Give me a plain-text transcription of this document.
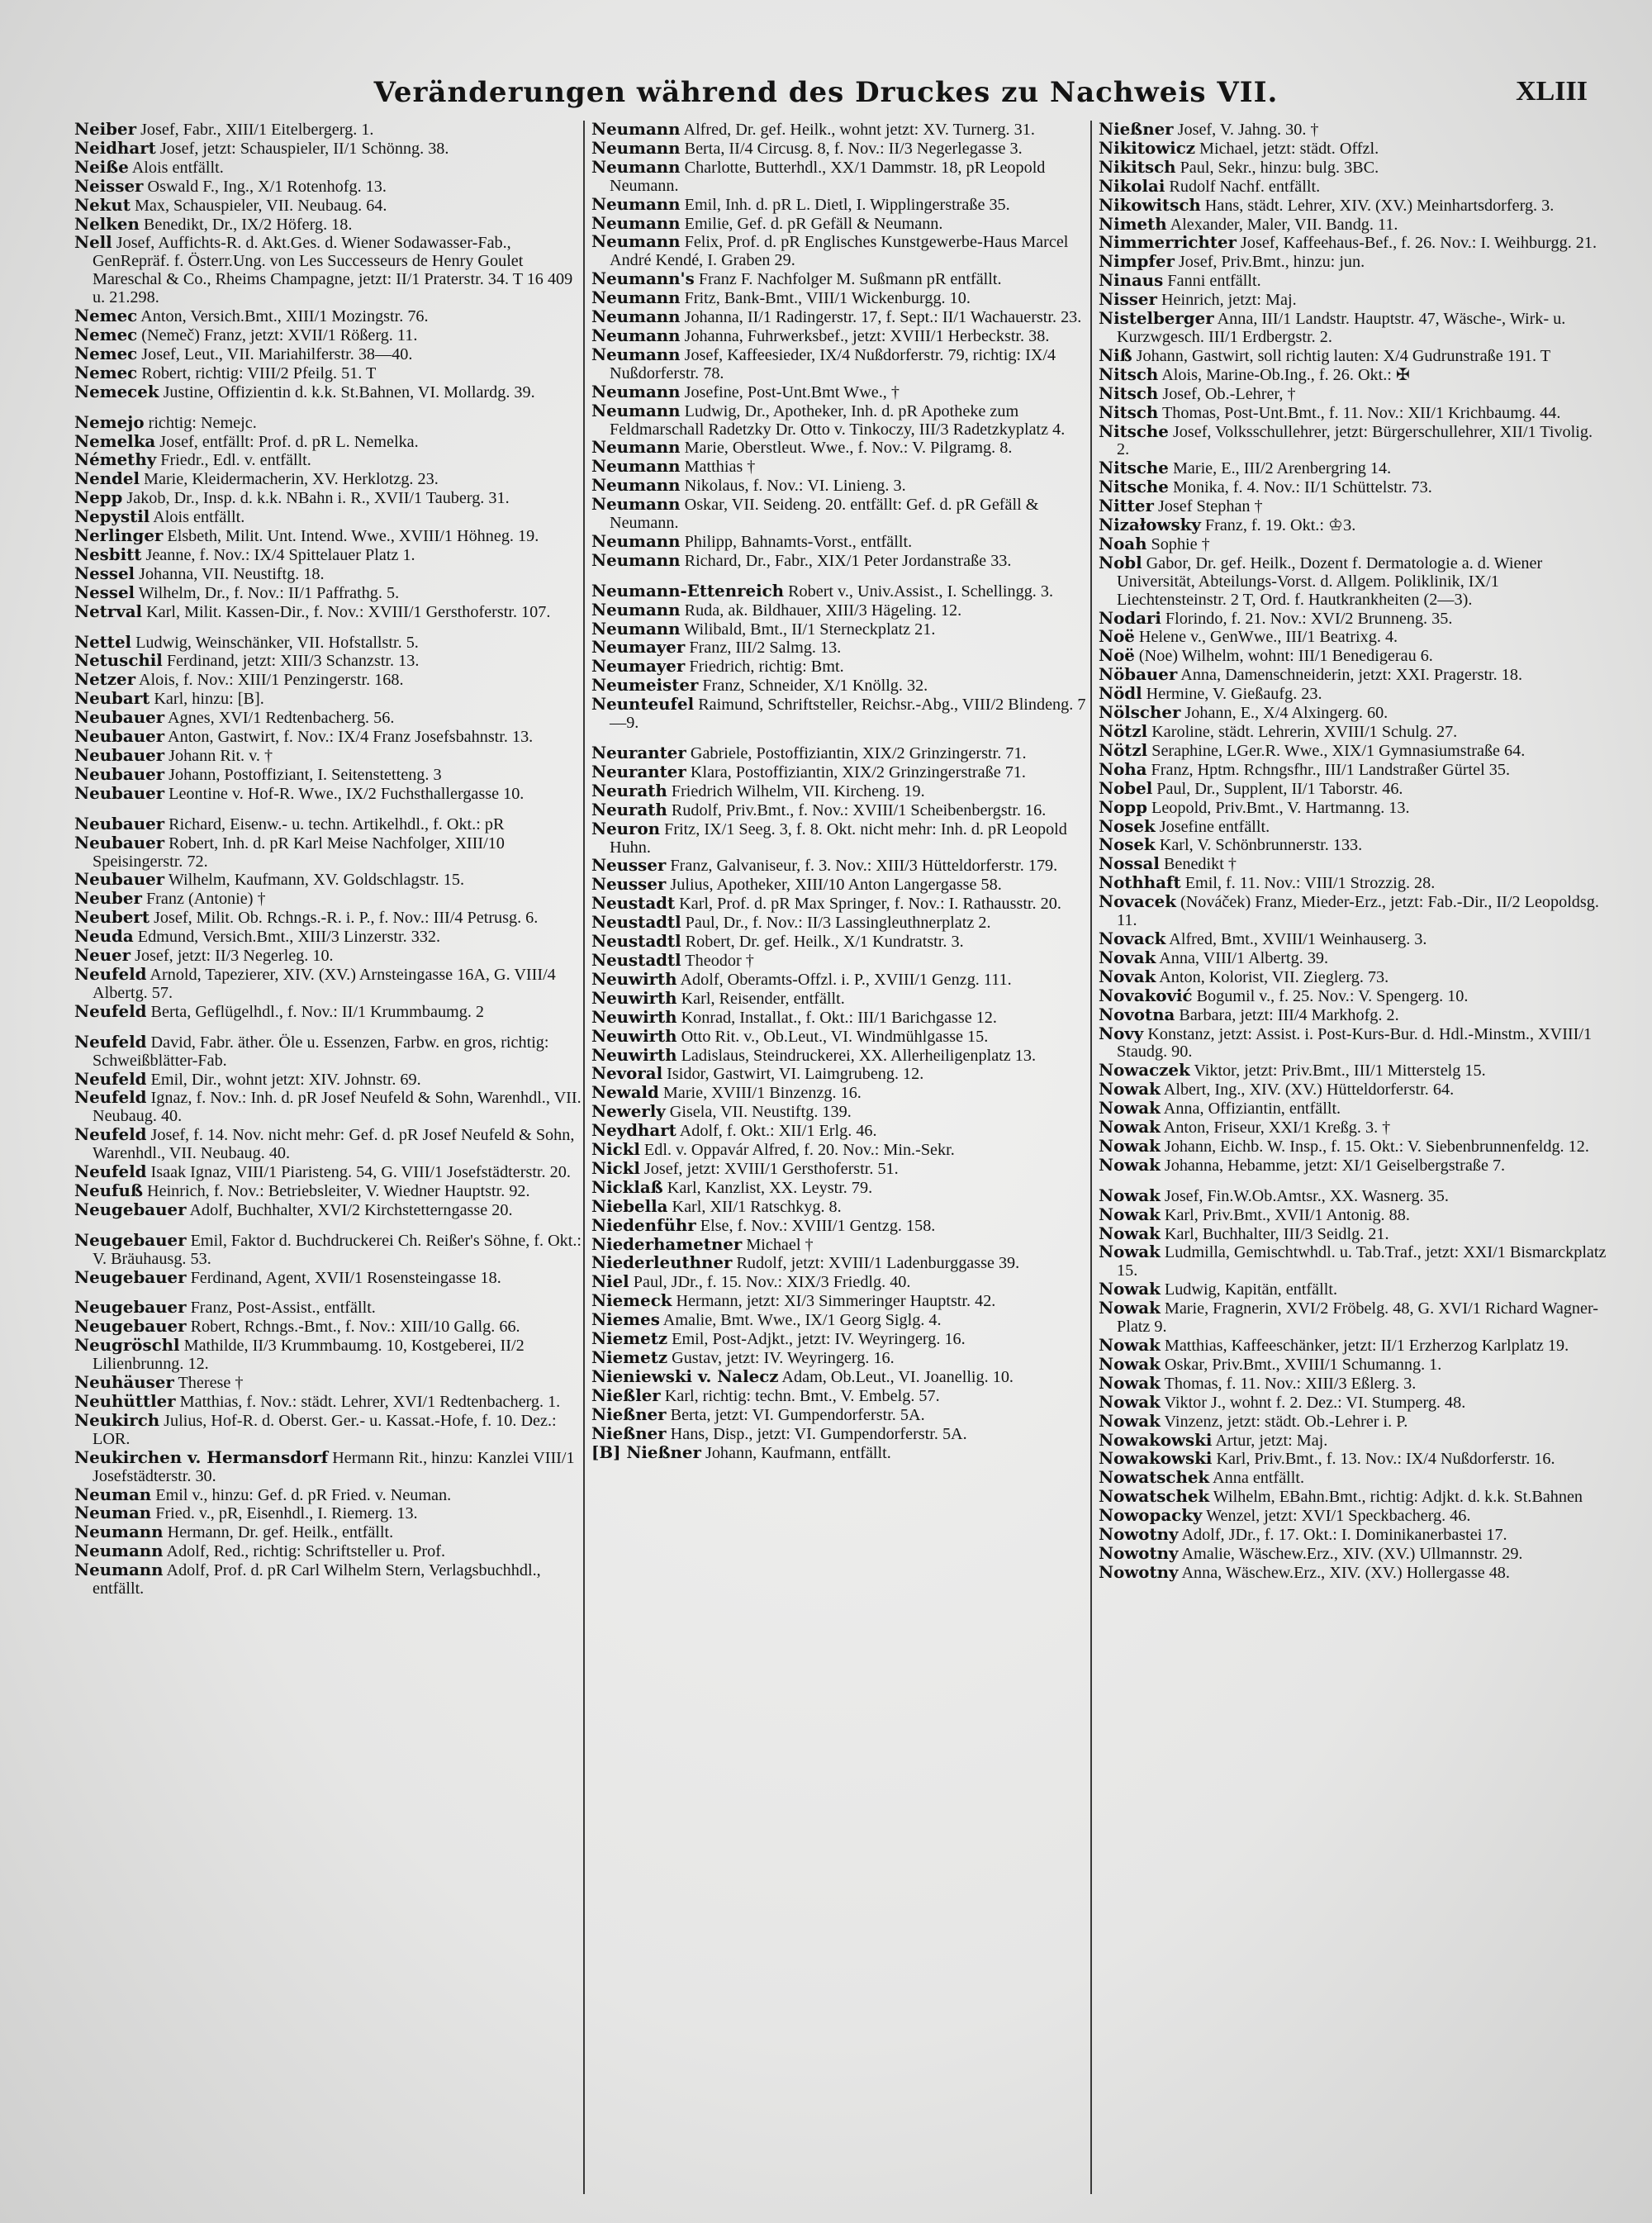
Veränderungen während des Druckes zu Nachweis VII.	XLIII
Neiber Josef, Fabr., XIII/1 Eitelbergerg. 1.
Neidhart Josef, jetzt: Schauspieler, II/1 Schönng. 38.
Neiße Alois entfällt.
Neisser Oswald F., Ing., X/1 Rotenhofg. 13.
Nekut Max, Schauspieler, VII. Neubaug. 64.
Nelken Benedikt, Dr., IX/2 Höferg. 18.
Nell Josef, Auffichts-R. d. Akt.Ges. d. Wiener Sodawasser-Fab., GenRepräf. f. Österr.Ung. von Les Successeurs de Henry Goulet Mareschal & Co., Rheims Champagne, jetzt: II/1 Praterstr. 34. T 16 409 u. 21.298.
Nemec Anton, Versich.Bmt., XIII/1 Mozingstr. 76.
Nemec (Nemeč) Franz, jetzt: XVII/1 Rößerg. 11.
Nemec Josef, Leut., VII. Mariahilferstr. 38—40.
Nemec Robert, richtig: VIII/2 Pfeilg. 51. T
Nemecek Justine, Offizientin d. k.k. St.Bahnen, VI. Mollardg. 39.
Nemejo richtig: Nemejc.
Nemelka Josef, entfällt: Prof. d. pR L. Nemelka.
Némethy Friedr., Edl. v. entfällt.
Nendel Marie, Kleidermacherin, XV. Herklotzg. 23.
Nepp Jakob, Dr., Insp. d. k.k. NBahn i. R., XVII/1 Tauberg. 31.
Nepystil Alois entfällt.
Nerlinger Elsbeth, Milit. Unt. Intend. Wwe., XVIII/1 Höhneg. 19.
Nesbitt Jeanne, f. Nov.: IX/4 Spittelauer Platz 1.
Nessel Johanna, VII. Neustiftg. 18.
Nessel Wilhelm, Dr., f. Nov.: II/1 Paffrathg. 5.
Netrval Karl, Milit. Kassen-Dir., f. Nov.: XVIII/1 Gersthoferstr. 107.
Nettel Ludwig, Weinschänker, VII. Hofstallstr. 5.
Netuschil Ferdinand, jetzt: XIII/3 Schanzstr. 13.
Netzer Alois, f. Nov.: XIII/1 Penzingerstr. 168.
Neubart Karl, hinzu: [B].
Neubauer Agnes, XVI/1 Redtenbacherg. 56.
Neubauer Anton, Gastwirt, f. Nov.: IX/4 Franz Josefsbahnstr. 13.
Neubauer Johann Rit. v. †
Neubauer Johann, Postoffiziant, I. Seitenstetteng. 3
Neubauer Leontine v. Hof-R. Wwe., IX/2 Fuchsthallergasse 10.
Neubauer Richard, Eisenw.- u. techn. Artikelhdl., f. Okt.: pR
Neubauer Robert, Inh. d. pR Karl Meise Nachfolger, XIII/10 Speisingerstr. 72.
Neubauer Wilhelm, Kaufmann, XV. Goldschlagstr. 15.
Neuber Franz (Antonie) †
Neubert Josef, Milit. Ob. Rchngs.-R. i. P., f. Nov.: III/4 Petrusg. 6.
Neuda Edmund, Versich.Bmt., XIII/3 Linzerstr. 332.
Neuer Josef, jetzt: II/3 Negerleg. 10.
Neufeld Arnold, Tapezierer, XIV. (XV.) Arnsteingasse 16A, G. VIII/4 Albertg. 57.
Neufeld Berta, Geflügelhdl., f. Nov.: II/1 Krummbaumg. 2
Neufeld David, Fabr. äther. Öle u. Essenzen, Farbw. en gros, richtig: Schweißblätter-Fab.
Neufeld Emil, Dir., wohnt jetzt: XIV. Johnstr. 69.
Neufeld Ignaz, f. Nov.: Inh. d. pR Josef Neufeld & Sohn, Warenhdl., VII. Neubaug. 40.
Neufeld Josef, f. 14. Nov. nicht mehr: Gef. d. pR Josef Neufeld & Sohn, Warenhdl., VII. Neubaug. 40.
Neufeld Isaak Ignaz, VIII/1 Piaristeng. 54, G. VIII/1 Josefstädterstr. 20.
Neufuß Heinrich, f. Nov.: Betriebsleiter, V. Wiedner Hauptstr. 92.
Neugebauer Adolf, Buchhalter, XVI/2 Kirchstetterngasse 20.
Neugebauer Emil, Faktor d. Buchdruckerei Ch. Reißer's Söhne, f. Okt.: V. Bräuhausg. 53.
Neugebauer Ferdinand, Agent, XVII/1 Rosensteingasse 18.
Neugebauer Franz, Post-Assist., entfällt.
Neugebauer Robert, Rchngs.-Bmt., f. Nov.: XIII/10 Gallg. 66.
Neugröschl Mathilde, II/3 Krummbaumg. 10, Kostgeberei, II/2 Lilienbrunng. 12.
Neuhäuser Therese †
Neuhüttler Matthias, f. Nov.: städt. Lehrer, XVI/1 Redtenbacherg. 1.
Neukirch Julius, Hof-R. d. Oberst. Ger.- u. Kassat.-Hofe, f. 10. Dez.: LOR.
Neukirchen v. Hermansdorf Hermann Rit., hinzu: Kanzlei VIII/1 Josefstädterstr. 30.
Neuman Emil v., hinzu: Gef. d. pR Fried. v. Neuman.
Neuman Fried. v., pR, Eisenhdl., I. Riemerg. 13.
Neumann Hermann, Dr. gef. Heilk., entfällt.
Neumann Adolf, Red., richtig: Schriftsteller u. Prof.
Neumann Adolf, Prof. d. pR Carl Wilhelm Stern, Verlagsbuchhdl., entfällt.
Neumann Alfred, Dr. gef. Heilk., wohnt jetzt: XV. Turnerg. 31.
Neumann Berta, II/4 Circusg. 8, f. Nov.: II/3 Negerlegasse 3.
Neumann Charlotte, Butterhdl., XX/1 Dammstr. 18, pR Leopold Neumann.
Neumann Emil, Inh. d. pR L. Dietl, I. Wipplingerstraße 35.
Neumann Emilie, Gef. d. pR Gefäll & Neumann.
Neumann Felix, Prof. d. pR Englisches Kunstgewerbe-Haus Marcel André Kendé, I. Graben 29.
Neumann's Franz F. Nachfolger M. Sußmann pR entfällt.
Neumann Fritz, Bank-Bmt., VIII/1 Wickenburgg. 10.
Neumann Johanna, II/1 Radingerstr. 17, f. Sept.: II/1 Wachauerstr. 23.
Neumann Johanna, Fuhrwerksbef., jetzt: XVIII/1 Herbeckstr. 38.
Neumann Josef, Kaffeesieder, IX/4 Nußdorferstr. 79, richtig: IX/4 Nußdorferstr. 78.
Neumann Josefine, Post-Unt.Bmt Wwe., †
Neumann Ludwig, Dr., Apotheker, Inh. d. pR Apotheke zum Feldmarschall Radetzky Dr. Otto v. Tinkoczy, III/3 Radetzkyplatz 4.
Neumann Marie, Oberstleut. Wwe., f. Nov.: V. Pilgramg. 8.
Neumann Matthias †
Neumann Nikolaus, f. Nov.: VI. Linieng. 3.
Neumann Oskar, VII. Seideng. 20. entfällt: Gef. d. pR Gefäll & Neumann.
Neumann Philipp, Bahnamts-Vorst., entfällt.
Neumann Richard, Dr., Fabr., XIX/1 Peter Jordanstraße 33.
Neumann-Ettenreich Robert v., Univ.Assist., I. Schellingg. 3.
Neumann Ruda, ak. Bildhauer, XIII/3 Hägeling. 12.
Neumann Wilibald, Bmt., II/1 Sterneckplatz 21.
Neumayer Franz, III/2 Salmg. 13.
Neumayer Friedrich, richtig: Bmt.
Neumeister Franz, Schneider, X/1 Knöllg. 32.
Neunteufel Raimund, Schriftsteller, Reichsr.-Abg., VIII/2 Blindeng. 7—9.
Neuranter Gabriele, Postoffiziantin, XIX/2 Grinzingerstr. 71.
Neuranter Klara, Postoffiziantin, XIX/2 Grinzingerstraße 71.
Neurath Friedrich Wilhelm, VII. Kircheng. 19.
Neurath Rudolf, Priv.Bmt., f. Nov.: XVIII/1 Scheibenbergstr. 16.
Neuron Fritz, IX/1 Seeg. 3, f. 8. Okt. nicht mehr: Inh. d. pR Leopold Huhn.
Neusser Franz, Galvaniseur, f. 3. Nov.: XIII/3 Hütteldorferstr. 179.
Neusser Julius, Apotheker, XIII/10 Anton Langergasse 58.
Neustadt Karl, Prof. d. pR Max Springer, f. Nov.: I. Rathausstr. 20.
Neustadtl Paul, Dr., f. Nov.: II/3 Lassingleuthnerplatz 2.
Neustadtl Robert, Dr. gef. Heilk., X/1 Kundratstr. 3.
Neustadtl Theodor †
Neuwirth Adolf, Oberamts-Offzl. i. P., XVIII/1 Genzg. 111.
Neuwirth Karl, Reisender, entfällt.
Neuwirth Konrad, Installat., f. Okt.: III/1 Barichgasse 12.
Neuwirth Otto Rit. v., Ob.Leut., VI. Windmühlgasse 15.
Neuwirth Ladislaus, Steindruckerei, XX. Allerheiligenplatz 13.
Nevoral Isidor, Gastwirt, VI. Laimgrubeng. 12.
Newald Marie, XVIII/1 Binzenzg. 16.
Newerly Gisela, VII. Neustiftg. 139.
Neydhart Adolf, f. Okt.: XII/1 Erlg. 46.
Nickl Edl. v. Oppavár Alfred, f. 20. Nov.: Min.-Sekr.
Nickl Josef, jetzt: XVIII/1 Gersthoferstr. 51.
Nicklaß Karl, Kanzlist, XX. Leystr. 79.
Niebella Karl, XII/1 Ratschkyg. 8.
Niedenführ Else, f. Nov.: XVIII/1 Gentzg. 158.
Niederhametner Michael †
Niederleuthner Rudolf, jetzt: XVIII/1 Ladenburggasse 39.
Niel Paul, JDr., f. 15. Nov.: XIX/3 Friedlg. 40.
Niemeck Hermann, jetzt: XI/3 Simmeringer Hauptstr. 42.
Niemes Amalie, Bmt. Wwe., IX/1 Georg Siglg. 4.
Niemetz Emil, Post-Adjkt., jetzt: IV. Weyringerg. 16.
Niemetz Gustav, jetzt: IV. Weyringerg. 16.
Nieniewski v. Nalecz Adam, Ob.Leut., VI. Joanellig. 10.
Nießler Karl, richtig: techn. Bmt., V. Embelg. 57.
Nießner Berta, jetzt: VI. Gumpendorferstr. 5A.
Nießner Hans, Disp., jetzt: VI. Gumpendorferstr. 5A.
[B] Nießner Johann, Kaufmann, entfällt.
Nießner Josef, V. Jahng. 30. †
Nikitowicz Michael, jetzt: städt. Offzl.
Nikitsch Paul, Sekr., hinzu: bulg. 3BC.
Nikolai Rudolf Nachf. entfällt.
Nikowitsch Hans, städt. Lehrer, XIV. (XV.) Meinhartsdorferg. 3.
Nimeth Alexander, Maler, VII. Bandg. 11.
Nimmerrichter Josef, Kaffeehaus-Bef., f. 26. Nov.: I. Weihburgg. 21.
Nimpfer Josef, Priv.Bmt., hinzu: jun.
Ninaus Fanni entfällt.
Nisser Heinrich, jetzt: Maj.
Nistelberger Anna, III/1 Landstr. Hauptstr. 47, Wäsche-, Wirk- u. Kurzwgesch. III/1 Erdbergstr. 2.
Niß Johann, Gastwirt, soll richtig lauten: X/4 Gudrunstraße 191. T
Nitsch Alois, Marine-Ob.Ing., f. 26. Okt.: ✠
Nitsch Josef, Ob.-Lehrer, †
Nitsch Thomas, Post-Unt.Bmt., f. 11. Nov.: XII/1 Krichbaumg. 44.
Nitsche Josef, Volksschullehrer, jetzt: Bürgerschullehrer, XII/1 Tivolig. 2.
Nitsche Marie, E., III/2 Arenbergring 14.
Nitsche Monika, f. 4. Nov.: II/1 Schüttelstr. 73.
Nitter Josef Stephan †
Nizałowsky Franz, f. 19. Okt.: ♔3.
Noah Sophie †
Nobl Gabor, Dr. gef. Heilk., Dozent f. Dermatologie a. d. Wiener Universität, Abteilungs-Vorst. d. Allgem. Poliklinik, IX/1 Liechtensteinstr. 2 T, Ord. f. Hautkrankheiten (2—3).
Nodari Florindo, f. 21. Nov.: XVI/2 Brunneng. 35.
Noë Helene v., GenWwe., III/1 Beatrixg. 4.
Noë (Noe) Wilhelm, wohnt: III/1 Benedigerau 6.
Nöbauer Anna, Damenschneiderin, jetzt: XXI. Pragerstr. 18.
Nödl Hermine, V. Gießaufg. 23.
Nölscher Johann, E., X/4 Alxingerg. 60.
Nötzl Karoline, städt. Lehrerin, XVIII/1 Schulg. 27.
Nötzl Seraphine, LGer.R. Wwe., XIX/1 Gymnasiumstraße 64.
Noha Franz, Hptm. Rchngsfhr., III/1 Landstraßer Gürtel 35.
Nobel Paul, Dr., Supplent, II/1 Taborstr. 46.
Nopp Leopold, Priv.Bmt., V. Hartmanng. 13.
Nosek Josefine entfällt.
Nosek Karl, V. Schönbrunnerstr. 133.
Nossal Benedikt †
Nothhaft Emil, f. 11. Nov.: VIII/1 Strozzig. 28.
Novacek (Nováček) Franz, Mieder-Erz., jetzt: Fab.-Dir., II/2 Leopoldsg. 11.
Novack Alfred, Bmt., XVIII/1 Weinhauserg. 3.
Novak Anna, VIII/1 Albertg. 39.
Novak Anton, Kolorist, VII. Zieglerg. 73.
Novaković Bogumil v., f. 25. Nov.: V. Spengerg. 10.
Novotna Barbara, jetzt: III/4 Markhofg. 2.
Novy Konstanz, jetzt: Assist. i. Post-Kurs-Bur. d. Hdl.-Minstm., XVIII/1 Staudg. 90.
Nowaczek Viktor, jetzt: Priv.Bmt., III/1 Mitterstelg 15.
Nowak Albert, Ing., XIV. (XV.) Hütteldorferstr. 64.
Nowak Anna, Offiziantin, entfällt.
Nowak Anton, Friseur, XXI/1 Kreßg. 3. †
Nowak Johann, Eichb. W. Insp., f. 15. Okt.: V. Siebenbrunnenfeldg. 12.
Nowak Johanna, Hebamme, jetzt: XI/1 Geiselbergstraße 7.
Nowak Josef, Fin.W.Ob.Amtsr., XX. Wasnerg. 35.
Nowak Karl, Priv.Bmt., XVII/1 Antonig. 88.
Nowak Karl, Buchhalter, III/3 Seidlg. 21.
Nowak Ludmilla, Gemischtwhdl. u. Tab.Traf., jetzt: XXI/1 Bismarckplatz 15.
Nowak Ludwig, Kapitän, entfällt.
Nowak Marie, Fragnerin, XVI/2 Fröbelg. 48, G. XVI/1 Richard Wagner-Platz 9.
Nowak Matthias, Kaffeeschänker, jetzt: II/1 Erzherzog Karlplatz 19.
Nowak Oskar, Priv.Bmt., XVIII/1 Schumanng. 1.
Nowak Thomas, f. 11. Nov.: XIII/3 Eßlerg. 3.
Nowak Viktor J., wohnt f. 2. Dez.: VI. Stumperg. 48.
Nowak Vinzenz, jetzt: städt. Ob.-Lehrer i. P.
Nowakowski Artur, jetzt: Maj.
Nowakowski Karl, Priv.Bmt., f. 13. Nov.: IX/4 Nußdorferstr. 16.
Nowatschek Anna entfällt.
Nowatschek Wilhelm, EBahn.Bmt., richtig: Adjkt. d. k.k. St.Bahnen
Nowopacky Wenzel, jetzt: XVI/1 Speckbacherg. 46.
Nowotny Adolf, JDr., f. 17. Okt.: I. Dominikanerbastei 17.
Nowotny Amalie, Wäschew.Erz., XIV. (XV.) Ullmannstr. 29.
Nowotny Anna, Wäschew.Erz., XIV. (XV.) Hollergasse 48.
